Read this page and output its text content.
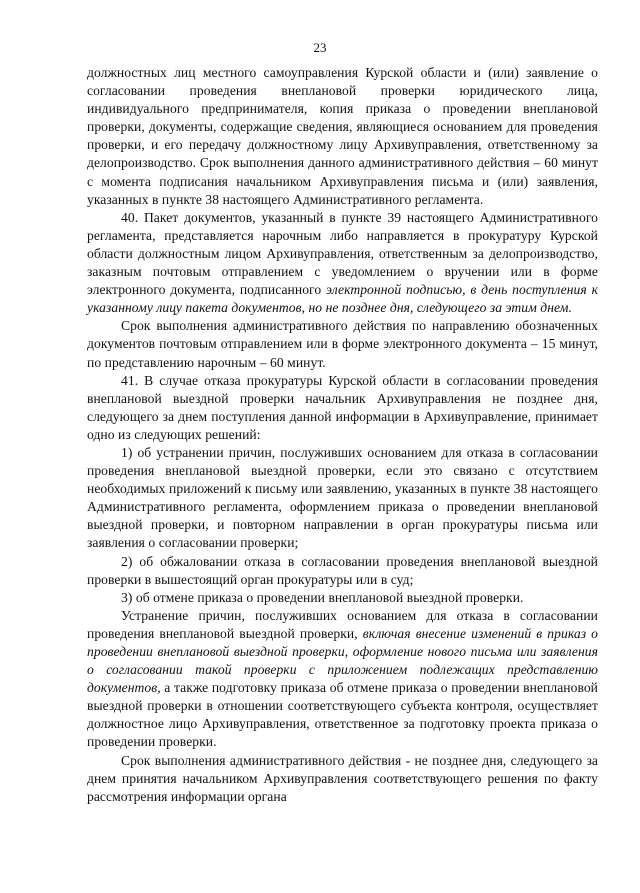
23

должностных лиц местного самоуправления Курской области и (или) заявление о согласовании проведения внеплановой проверки юридического лица, индивидуального предпринимателя, копия приказа о проведении внеплановой проверки, документы, содержащие сведения, являющиеся основанием для проведения проверки, и его передачу должностному лицу Архивуправления, ответственному за делопроизводство. Срок выполнения данного административного действия – 60 минут с момента подписания начальником Архивуправления письма и (или) заявления, указанных в пункте 38 настоящего Административного регламента.

40. Пакет документов, указанный в пункте 39 настоящего Административного регламента, представляется нарочным либо направляется в прокуратуру Курской области должностным лицом Архивуправления, ответственным за делопроизводство, заказным почтовым отправлением с уведомлением о вручении или в форме электронного документа, подписанного электронной подписью, в день поступления к указанному лицу пакета документов, но не позднее дня, следующего за этим днем.

Срок выполнения административного действия по направлению обозначенных документов почтовым отправлением или в форме электронного документа – 15 минут, по представлению нарочным – 60 минут.

41. В случае отказа прокуратуры Курской области в согласовании проведения внеплановой выездной проверки начальник Архивуправления не позднее дня, следующего за днем поступления данной информации в Архивуправление, принимает одно из следующих решений:

1) об устранении причин, послуживших основанием для отказа в согласовании проведения внеплановой выездной проверки, если это связано с отсутствием необходимых приложений к письму или заявлению, указанных в пункте 38 настоящего Административного регламента, оформлением приказа о проведении внеплановой выездной проверки, и повторном направлении в орган прокуратуры письма или заявления о согласовании проверки;

2) об обжаловании отказа в согласовании проведения внеплановой выездной проверки в вышестоящий орган прокуратуры или в суд;

3) об отмене приказа о проведении внеплановой выездной проверки.

Устранение причин, послуживших основанием для отказа в согласовании проведения внеплановой выездной проверки, включая внесение изменений в приказ о проведении внеплановой выездной проверки, оформление нового письма или заявления о согласовании такой проверки с приложением подлежащих представлению документов, а также подготовку приказа об отмене приказа о проведении внеплановой выездной проверки в отношении соответствующего субъекта контроля, осуществляет должностное лицо Архивуправления, ответственное за подготовку проекта приказа о проведении проверки.

Срок выполнения административного действия - не позднее дня, следующего за днем принятия начальником Архивуправления соответствующего решения по факту рассмотрения информации органа
